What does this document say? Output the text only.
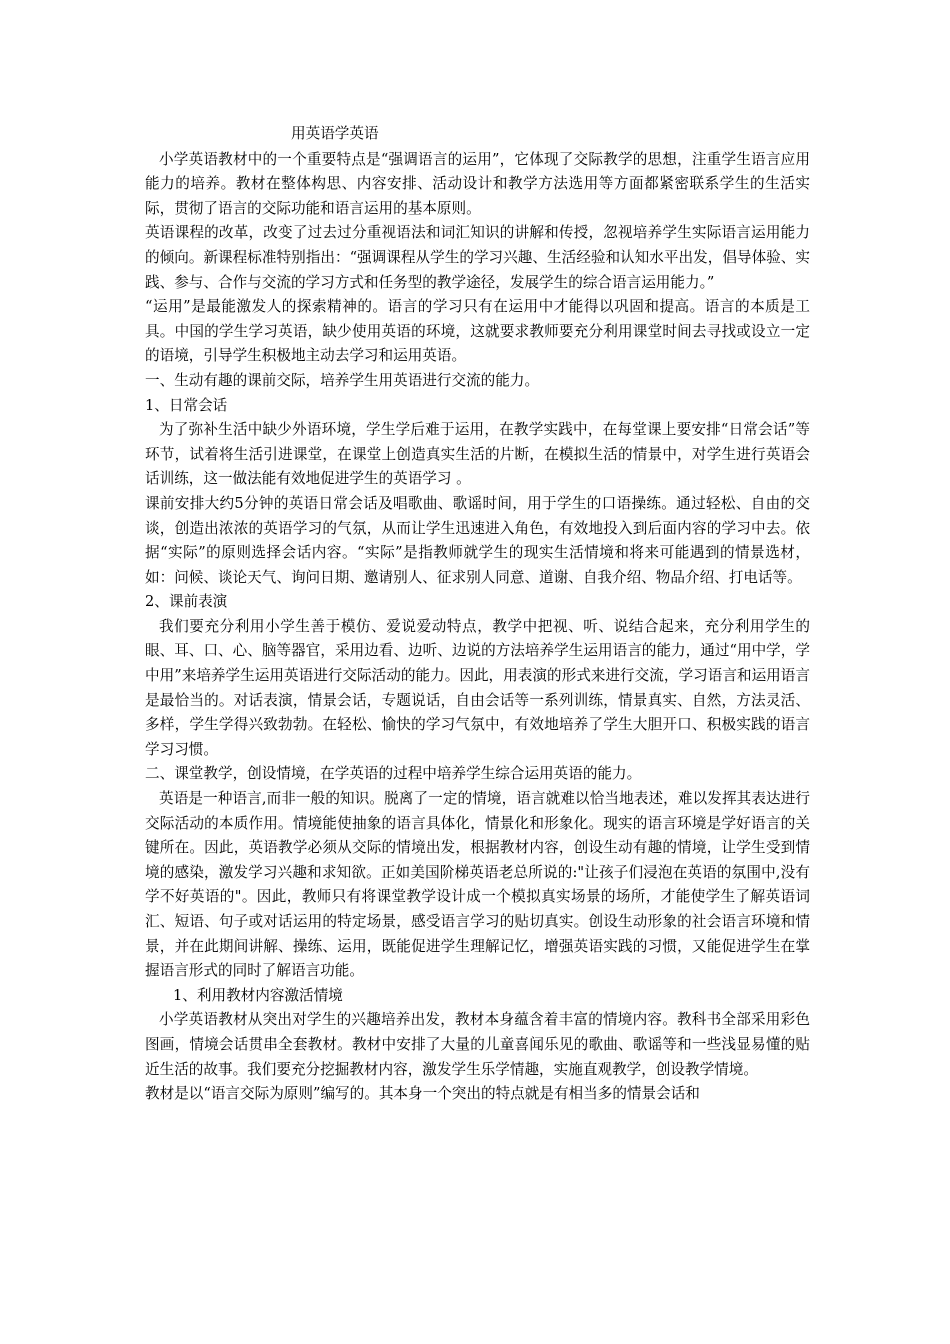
用英语学英语

小学英语教材中的一个重要特点是“强调语言的运用”，它体现了交际教学的思想，注重学生语言应用能力的培养。教材在整体构思、内容安排、活动设计和教学方法选用等方面都紧密联系学生的生活实际，贯彻了语言的交际功能和语言运用的基本原则。

英语课程的改革，改变了过去过分重视语法和词汇知识的讲解和传授，忽视培养学生实际语言运用能力的倾向。新课程标准特别指出：“强调课程从学生的学习兴趣、生活经验和认知水平出发，倡导体验、实践、参与、合作与交流的学习方式和任务型的教学途径，发展学生的综合语言运用能力。”

“运用”是最能激发人的探索精神的。语言的学习只有在运用中才能得以巩固和提高。语言的本质是工具。中国的学生学习英语，缺少使用英语的环境，这就要求教师要充分利用课堂时间去寻找或设立一定的语境，引导学生积极地主动去学习和运用英语。

一、生动有趣的课前交际，培养学生用英语进行交流的能力。

1、日常会话

为了弥补生活中缺少外语环境，学生学后难于运用，在教学实践中，在每堂课上要安排“日常会话”等环节，试着将生活引进课堂，在课堂上创造真实生活的片断，在模拟生活的情景中，对学生进行英语会话训练，这一做法能有效地促进学生的英语学习 。

课前安排大约5分钟的英语日常会话及唱歌曲、歌谣时间，用于学生的口语操练。通过轻松、自由的交谈，创造出浓浓的英语学习的气氛，从而让学生迅速进入角色，有效地投入到后面内容的学习中去。依据“实际”的原则选择会话内容。“实际”是指教师就学生的现实生活情境和将来可能遇到的情景选材，如：问候、谈论天气、询问日期、邀请别人、征求别人同意、道谢、自我介绍、物品介绍、打电话等。

2、课前表演

我们要充分利用小学生善于模仿、爱说爱动特点，教学中把视、听、说结合起来，充分利用学生的眼、耳、口、心、脑等器官，采用边看、边听、边说的方法培养学生运用语言的能力，通过“用中学，学中用”来培养学生运用英语进行交际活动的能力。因此，用表演的形式来进行交流，学习语言和运用语言是最恰当的。对话表演，情景会话，专题说话，自由会话等一系列训练，情景真实、自然，方法灵活、多样，学生学得兴致勃勃。在轻松、愉快的学习气氛中，有效地培养了学生大胆开口、积极实践的语言学习习惯。

二、课堂教学，创设情境，在学英语的过程中培养学生综合运用英语的能力。

英语是一种语言,而非一般的知识。脱离了一定的情境，语言就难以恰当地表述，难以发挥其表达进行交际活动的本质作用。情境能使抽象的语言具体化，情景化和形象化。现实的语言环境是学好语言的关键所在。因此，英语教学必须从交际的情境出发，根据教材内容，创设生动有趣的情境，让学生受到情境的感染，激发学习兴趣和求知欲。正如美国阶梯英语老总所说的:"让孩子们浸泡在英语的氛围中,没有学不好英语的"。因此，教师只有将课堂教学设计成一个模拟真实场景的场所，才能使学生了解英语词汇、短语、句子或对话运用的特定场景，感受语言学习的贴切真实。创设生动形象的社会语言环境和情景，并在此期间讲解、操练、运用，既能促进学生理解记忆，增强英语实践的习惯，又能促进学生在掌握语言形式的同时了解语言功能。

1、利用教材内容激活情境

小学英语教材从突出对学生的兴趣培养出发，教材本身蕴含着丰富的情境内容。教科书全部采用彩色图画，情境会话贯串全套教材。教材中安排了大量的儿童喜闻乐见的歌曲、歌谣等和一些浅显易懂的贴近生活的故事。我们要充分挖掘教材内容，激发学生乐学情趣，实施直观教学，创设教学情境。

教材是以“语言交际为原则”编写的。其本身一个突出的特点就是有相当多的情景会话和
